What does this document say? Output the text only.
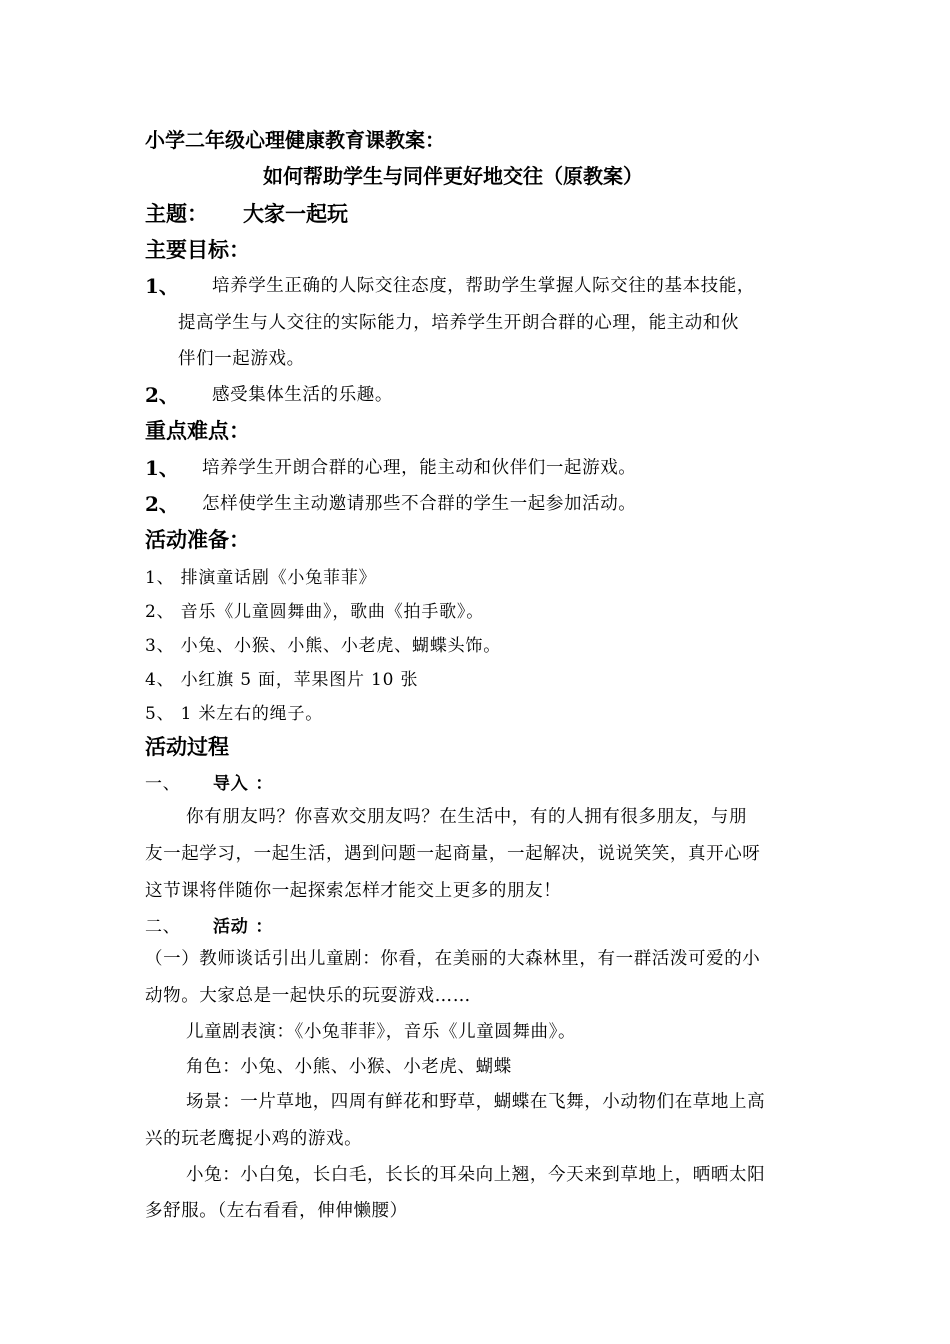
小学二年级心理健康教育课教案：
如何帮助学生与同伴更好地交往（原教案）
主题： 大家一起玩
主要目标：
1、 培养学生正确的人际交往态度，帮助学生掌握人际交往的基本技能，
提高学生与人交往的实际能力，培养学生开朗合群的心理，能主动和伙
伴们一起游戏。
2、 感受集体生活的乐趣。
重点难点：
1、 培养学生开朗合群的心理，能主动和伙伴们一起游戏。
2、 怎样使学生主动邀请那些不合群的学生一起参加活动。
活动准备：
1、 排演童话剧《小兔菲菲》
2、 音乐《儿童圆舞曲》，歌曲《拍手歌》。
3、 小兔、小猴、小熊、小老虎、蝴蝶头饰。
4、 小红旗 5 面，苹果图片 10 张
5、 1 米左右的绳子。
活动过程
一、 导入 ：
你有朋友吗？你喜欢交朋友吗？在生活中，有的人拥有很多朋友，与朋
友一起学习，一起生活，遇到问题一起商量，一起解决，说说笑笑，真开心呀
这节课将伴随你一起探索怎样才能交上更多的朋友！
二、 活动 ：
（一）教师谈话引出儿童剧：你看，在美丽的大森林里，有一群活泼可爱的小
动物。大家总是一起快乐的玩耍游戏……
儿童剧表演：《小兔菲菲》，音乐《儿童圆舞曲》。
角色：小兔、小熊、小猴、小老虎、蝴蝶
场景：一片草地，四周有鲜花和野草，蝴蝶在飞舞，小动物们在草地上高
兴的玩老鹰捉小鸡的游戏。
小兔：小白兔，长白毛，长长的耳朵向上翘，今天来到草地上，晒晒太阳
多舒服。（左右看看，伸伸懒腰）
